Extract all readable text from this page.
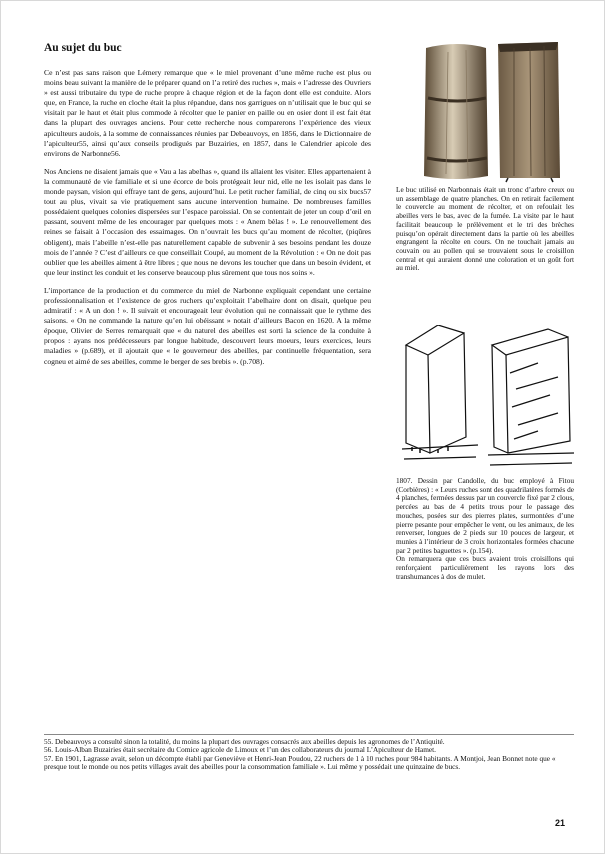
Au sujet du buc

Ce n’est pas sans raison que Lémery remarque que « le miel provenant d’une même ruche est plus ou moins beau suivant la manière de le préparer quand on l’a retiré des ruches », mais « l’adresse des Ouvriers » est aussi tributaire du type de ruche propre à chaque région et de la façon dont elle est conduite. Alors que, en France, la ruche en cloche était la plus répandue, dans nos garrigues on n’utilisait que le buc qui se visitait par le haut et était plus commode à récolter que le panier en paille ou en osier dont il est fait état dans la plupart des ouvrages anciens. Pour cette recherche nous comparerons l’expérience des vieux apiculteurs audois, à la somme de connaissances réunies par Debeauvoys, en 1856, dans le Dictionnaire de l’apiculteur55, ainsi qu’aux conseils prodigués par Buzairies, en 1857, dans le Calendrier apicole des environs de Narbonne56.

Nos Anciens ne disaient jamais que « Vau a las abelhas », quand ils allaient les visiter. Elles appartenaient à la communauté de vie familiale et si une écorce de bois protégeait leur nid, elle ne les isolait pas dans le monde paysan, vision qui effraye tant de gens, aujourd’hui. Le petit rucher familial, de cinq ou six bucs57 tout au plus, vivait sa vie pratiquement sans aucune intervention humaine. De nombreuses familles possédaient quelques colonies dispersées sur l’espace paroissial. On se contentait de jeter un coup d’œil en passant, souvent même de les encourager par quelques mots : « Anem bèlas ! ». Le renouvellement des reines se faisait à l’occasion des essaimages. On n’ouvrait les bucs qu’au moment de récolter, (piqûres obligent), mais l’abeille n’est-elle pas naturellement capable de subvenir à ses besoins pendant les douze mois de l’année ? C’est d’ailleurs ce que conseillait Coupé, au moment de la Révolution : « On ne doit pas oublier que les abeilles aiment à être libres ; que nous ne devons les toucher que dans un besoin évident, et que leur instinct les conduit et les conserve beaucoup plus sûrement que tous nos soins ».

L’importance de la production et du commerce du miel de Narbonne expliquait cependant une certaine professionnalisation et l’existence de gros ruchers qu’exploitait l’abelhaire dont on disait, quelque peu admiratif : « A un don ! ». Il suivait et encourageait leur évolution qui ne connaissait que le rythme des saisons. « On ne commande la nature qu’en lui obéissant » notait d’ailleurs Bacon en 1620. A la même époque, Olivier de Serres remarquait que « du naturel des abeilles est sorti la science de la conduite à propos : ayans nos prédécesseurs par longue habitude, descouvert leurs moeurs, leurs exercices, leurs maladies » (p.689), et il ajoutait que « le gouverneur des abeilles, par continuelle fréquentation, sera cogneu et aimé de ses abeilles, comme le berger de ses brebis ». (p.708).

Le buc utilisé en Narbonnais était un tronc d’arbre creux ou un assemblage de quatre planches. On en retirait facilement le couvercle au moment de récolter, et on refoulait les abeilles vers le bas, avec de la fumée. La visite par le haut facilitait beaucoup le prélèvement et le tri des brèches puisqu’on opérait directement dans la partie où les abeilles engrangent la récolte en cours. On ne touchait jamais au couvain ou au pollen qui se trouvaient sous le croisillon central et qui auraient donné une coloration et un goût fort au miel.

1807. Dessin par Candolle, du buc employé à Fitou (Corbières) : « Leurs ruches sont des quadrilatères formés de 4 planches, fermées dessus par un couvercle fixé par 2 clous, percées au bas de 4 petits trous pour le passage des mouches, posées sur des pierres plates, surmontées d’une pierre pesante pour empêcher le vent, ou les animaux, de les renverser, longues de 2 pieds sur 10 pouces de largeur, et munies à l’intérieur de 3 croix horizontales formées chacune par 2 petites baguettes ». (p.154).

On remarquera que ces bucs avaient trois croisillons qui renforçaient particulièrement les rayons lors des transhumances à dos de mulet.

55. Debeauvoys a consulté sinon la totalité, du moins la plupart des ouvrages consacrés aux abeilles depuis les agronomes de l’Antiquité.
56. Louis-Alban Buzairies était secrétaire du Comice agricole de Limoux et l’un des collaborateurs du journal L’Apiculteur de Hamet.
57. En 1901, Lagrasse avait, selon un décompte établi par Geneviève et Henri-Jean Poudou, 22 ruchers de 1 à 10 ruches pour 984 habitants. A Montjoi, Jean Bonnet note que « presque tout le monde ou nos petits villages avait des abeilles pour la consommation familiale ». Lui même y possédait une quinzaine de bucs.
21
